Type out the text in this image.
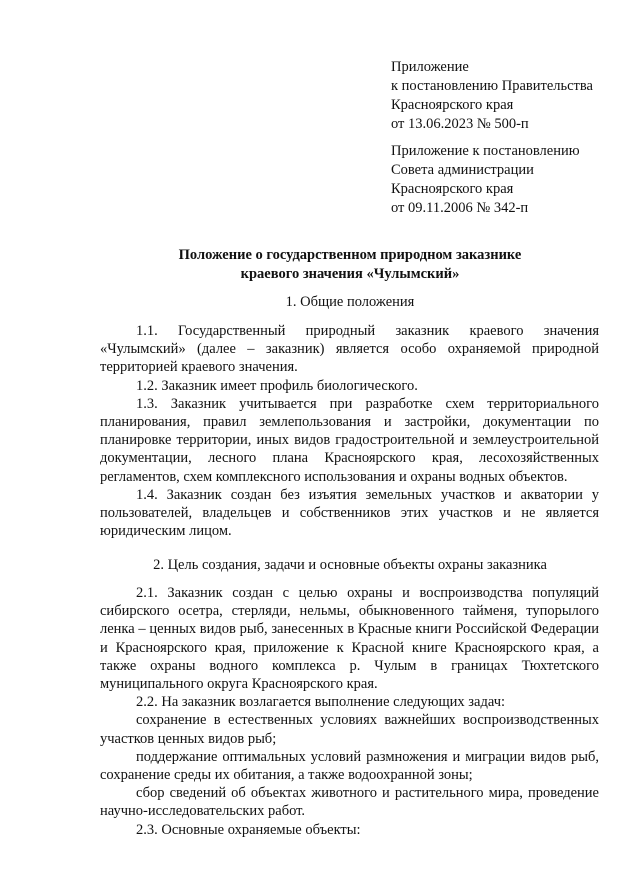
Приложение
к постановлению Правительства
Красноярского края
от 13.06.2023 № 500-п
Приложение к постановлению
Совета администрации
Красноярского края
от 09.11.2006 № 342-п
Положение о государственном природном заказнике
краевого значения «Чулымский»
1. Общие положения

1.1. Государственный природный заказник краевого значения «Чулымский» (далее – заказник) является особо охраняемой природной территорией краевого значения.

1.2. Заказник имеет профиль биологического.

1.3. Заказник учитывается при разработке схем территориального планирования, правил землепользования и застройки, документации по планировке территории, иных видов градостроительной и землеустроительной документации, лесного плана Красноярского края, лесохозяйственных регламентов, схем комплексного использования и охраны водных объектов.

1.4. Заказник создан без изъятия земельных участков и акватории у пользователей, владельцев и собственников этих участков и не является юридическим лицом.

2. Цель создания, задачи и основные объекты охраны заказника

2.1. Заказник создан с целью охраны и воспроизводства популяций сибирского осетра, стерляди, нельмы, обыкновенного тайменя, тупорылого ленка – ценных видов рыб, занесенных в Красные книги Российской Федерации и Красноярского края, приложение к Красной книге Красноярского края, а также охраны водного комплекса р. Чулым в границах Тюхтетского муниципального округа Красноярского края.

2.2. На заказник возлагается выполнение следующих задач:

сохранение в естественных условиях важнейших воспроизводственных участков ценных видов рыб;

поддержание оптимальных условий размножения и миграции видов рыб, сохранение среды их обитания, а также водоохранной зоны;

сбор сведений об объектах животного и растительного мира, проведение научно-исследовательских работ.

2.3. Основные охраняемые объекты:
